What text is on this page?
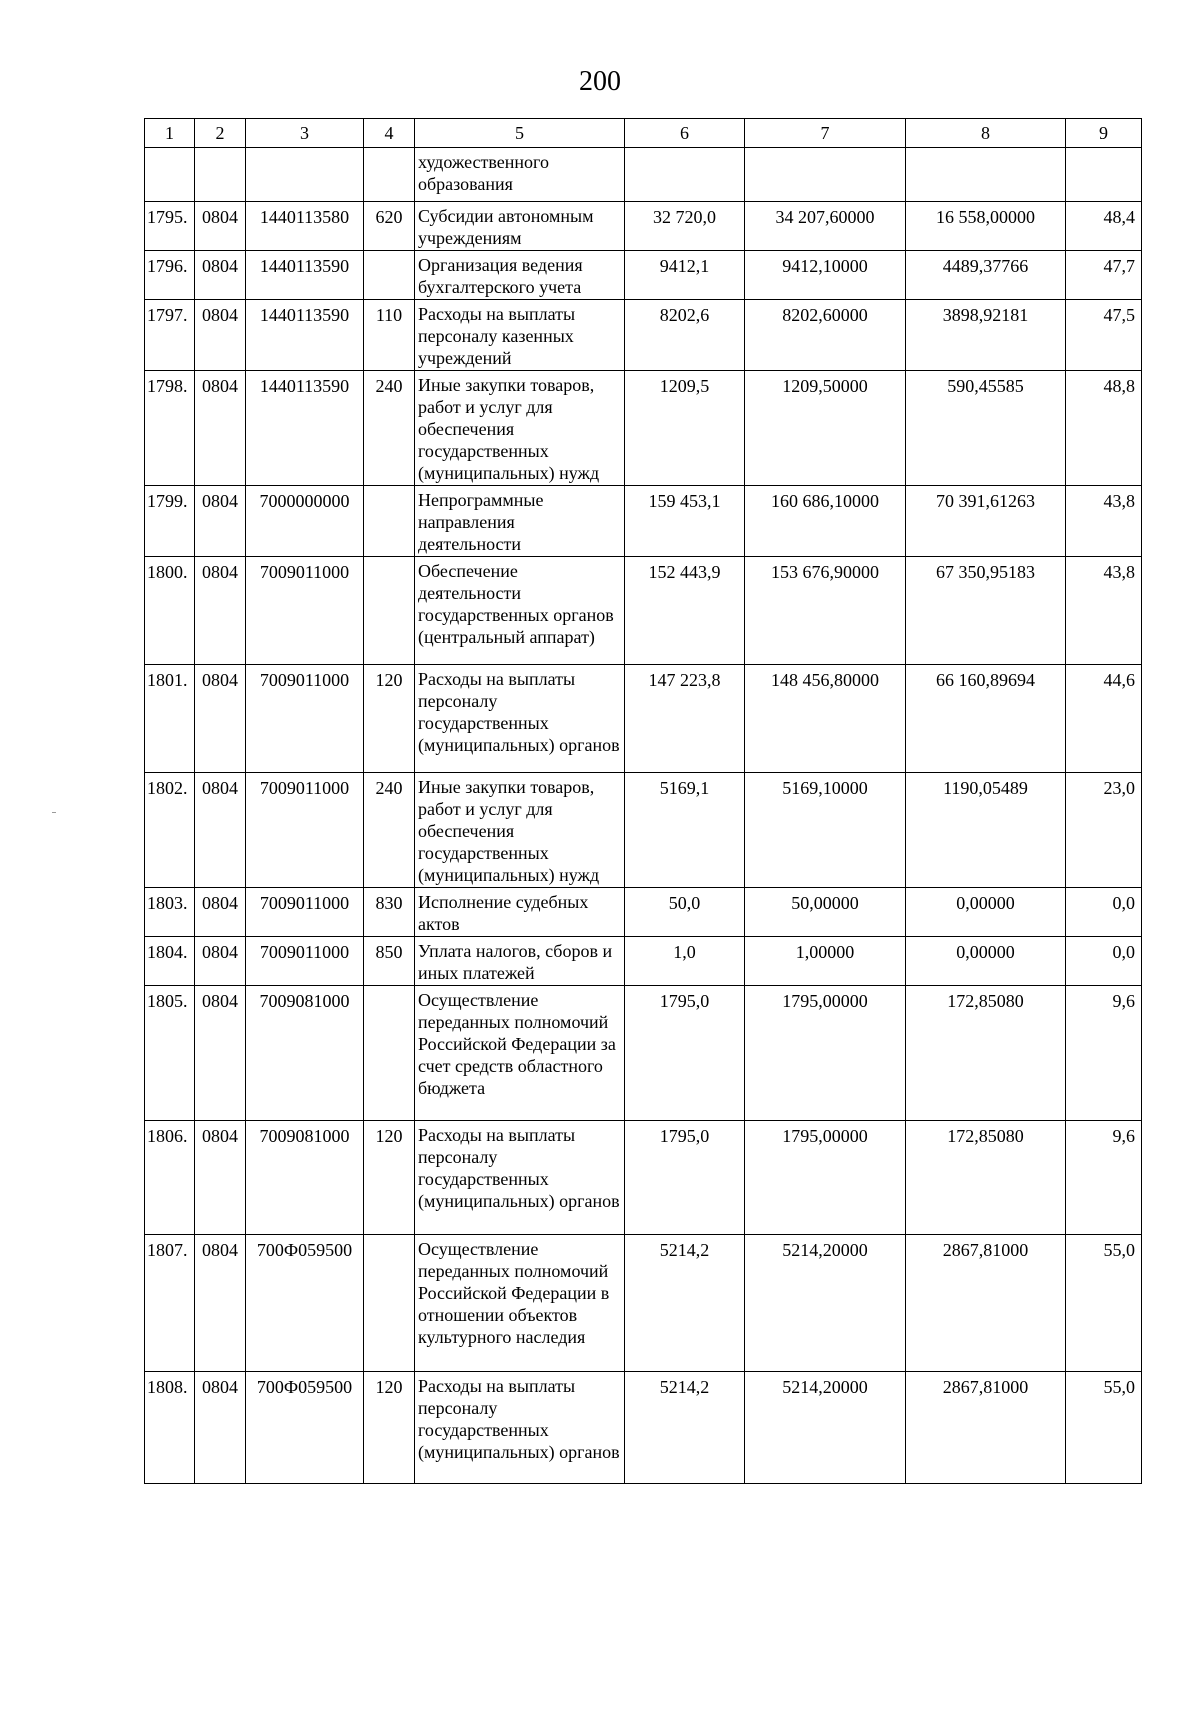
200
1	2	3	4	5	6	7	8	9
				художественного образования				
1795.	0804	1440113580	620	Субсидии автономным учреждениям	32 720,0	34 207,60000	16 558,00000	48,4
1796.	0804	1440113590		Организация ведения бухгалтерского учета	9412,1	9412,10000	4489,37766	47,7
1797.	0804	1440113590	110	Расходы на выплаты персоналу казенных учреждений	8202,6	8202,60000	3898,92181	47,5
1798.	0804	1440113590	240	Иные закупки товаров, работ и услуг для обеспечения государственных (муниципальных) нужд	1209,5	1209,50000	590,45585	48,8
1799.	0804	7000000000		Непрограммные направления деятельности	159 453,1	160 686,10000	70 391,61263	43,8
1800.	0804	7009011000		Обеспечение деятельности государственных органов (центральный аппарат)	152 443,9	153 676,90000	67 350,95183	43,8
1801.	0804	7009011000	120	Расходы на выплаты персоналу государственных (муниципальных) органов	147 223,8	148 456,80000	66 160,89694	44,6
1802.	0804	7009011000	240	Иные закупки товаров, работ и услуг для обеспечения государственных (муниципальных) нужд	5169,1	5169,10000	1190,05489	23,0
1803.	0804	7009011000	830	Исполнение судебных актов	50,0	50,00000	0,00000	0,0
1804.	0804	7009011000	850	Уплата налогов, сборов и иных платежей	1,0	1,00000	0,00000	0,0
1805.	0804	7009081000		Осуществление переданных полномочий Российской Федерации за счет средств областного бюджета	1795,0	1795,00000	172,85080	9,6
1806.	0804	7009081000	120	Расходы на выплаты персоналу государственных (муниципальных) органов	1795,0	1795,00000	172,85080	9,6
1807.	0804	700Ф059500		Осуществление переданных полномочий Российской Федерации в отношении объектов культурного наследия	5214,2	5214,20000	2867,81000	55,0
1808.	0804	700Ф059500	120	Расходы на выплаты персоналу государственных (муниципальных) органов	5214,2	5214,20000	2867,81000	55,0
